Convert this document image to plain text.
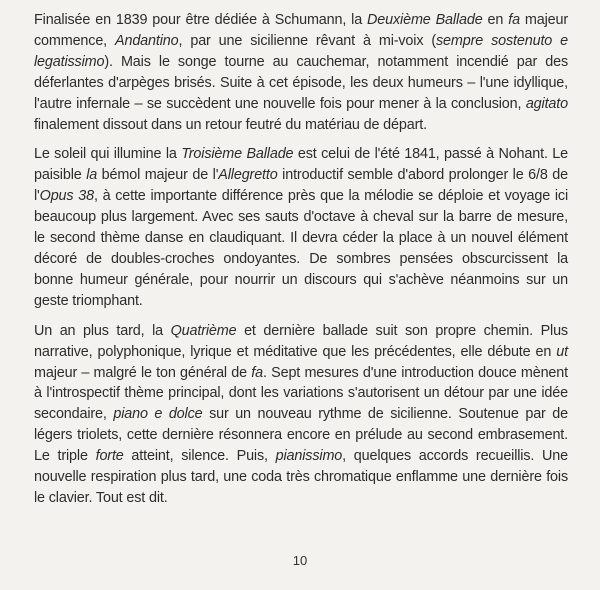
Finalisée en 1839 pour être dédiée à Schumann, la Deuxième Ballade en fa majeur commence, Andantino, par une sicilienne rêvant à mi-voix (sempre sostenuto e legatissimo). Mais le songe tourne au cauchemar, notamment incendié par des déferlantes d'arpèges brisés. Suite à cet épisode, les deux humeurs – l'une idyllique, l'autre infernale – se succèdent une nouvelle fois pour mener à la conclusion, agitato finalement dissout dans un retour feutré du matériau de départ.

Le soleil qui illumine la Troisième Ballade est celui de l'été 1841, passé à Nohant. Le paisible la bémol majeur de l'Allegretto introductif semble d'abord prolonger le 6/8 de l'Opus 38, à cette importante différence près que la mélodie se déploie et voyage ici beaucoup plus largement. Avec ses sauts d'octave à cheval sur la barre de mesure, le second thème danse en claudiquant. Il devra céder la place à un nouvel élément décoré de doubles-croches ondoyantes. De sombres pensées obscurcissent la bonne humeur générale, pour nourrir un discours qui s'achève néanmoins sur un geste triomphant.

Un an plus tard, la Quatrième et dernière ballade suit son propre chemin. Plus narrative, polyphonique, lyrique et méditative que les précédentes, elle débute en ut majeur – malgré le ton général de fa. Sept mesures d'une introduction douce mènent à l'introspectif thème principal, dont les variations s'autorisent un détour par une idée secondaire, piano e dolce sur un nouveau rythme de sicilienne. Soutenue par de légers triolets, cette dernière résonnera encore en prélude au second embrasement. Le triple forte atteint, silence. Puis, pianissimo, quelques accords recueillis. Une nouvelle respiration plus tard, une coda très chromatique enflamme une dernière fois le clavier. Tout est dit.

10
